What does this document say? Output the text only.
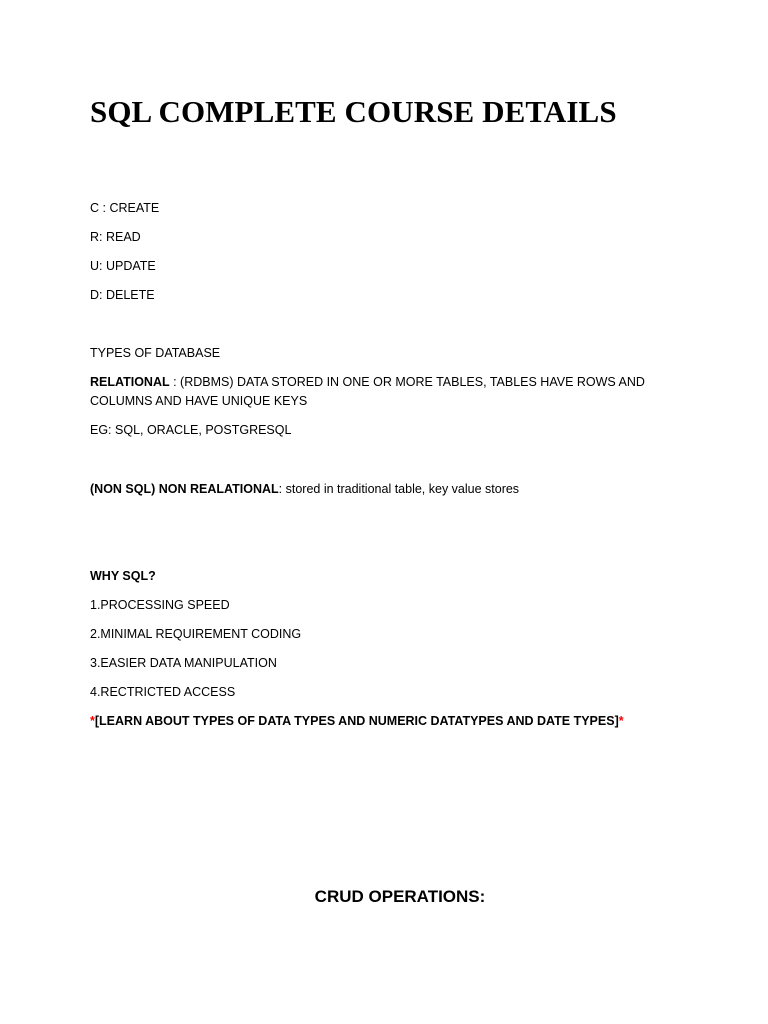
SQL COMPLETE COURSE DETAILS
C : CREATE
R: READ
U: UPDATE
D: DELETE
TYPES OF DATABASE
RELATIONAL : (RDBMS) DATA STORED IN ONE OR MORE TABLES, TABLES HAVE ROWS AND COLUMNS AND HAVE UNIQUE KEYS
EG: SQL, ORACLE, POSTGRESQL
(NON SQL) NON REALATIONAL: stored in traditional table, key value stores
WHY SQL?
1.PROCESSING SPEED
2.MINIMAL REQUIREMENT CODING
3.EASIER DATA MANIPULATION
4.RECTRICTED ACCESS
*[LEARN ABOUT TYPES OF DATA TYPES AND NUMERIC DATATYPES AND DATE TYPES]*
CRUD OPERATIONS:
